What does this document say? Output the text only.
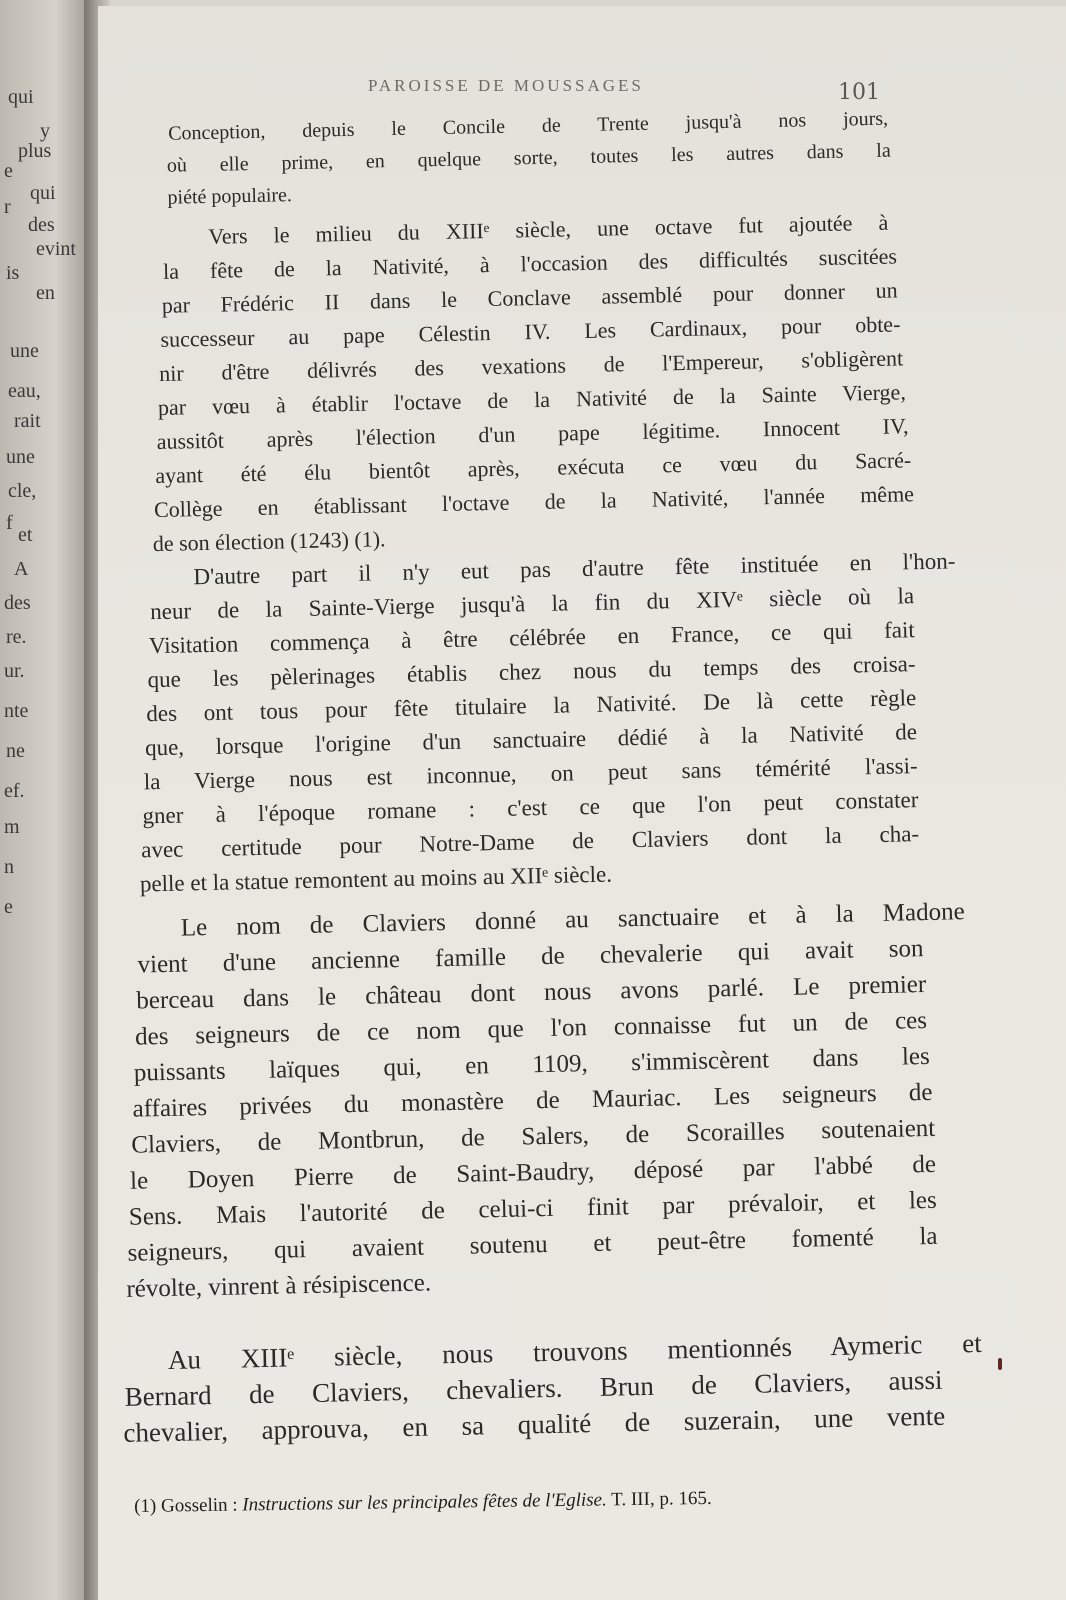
qui
y
plus
e
qui
r
des
evint
is
en
une
eau,
rait
une
cle,
f
et
A
des
re.
ur.
nte
ne
ef.
m
n
e
PAROISSE DE MOUSSAGES	101
Conception, depuis le Concile de Trente jusqu'à nos jours,
où elle prime, en quelque sorte, toutes les autres dans la
piété populaire.
Vers le milieu du XIIIᵉ siècle, une octave fut ajoutée à
la fête de la Nativité, à l'occasion des difficultés suscitées
par Frédéric II dans le Conclave assemblé pour donner un
successeur au pape Célestin IV. Les Cardinaux, pour obte-
nir d'être délivrés des vexations de l'Empereur, s'obligèrent
par vœu à établir l'octave de la Nativité de la Sainte Vierge,
aussitôt après l'élection d'un pape légitime. Innocent IV,
ayant été élu bientôt après, exécuta ce vœu du Sacré-
Collège en établissant l'octave de la Nativité, l'année même
de son élection (1243) (1).
D'autre part il n'y eut pas d'autre fête instituée en l'hon-
neur de la Sainte-Vierge jusqu'à la fin du XIVᵉ siècle où la
Visitation commença à être célébrée en France, ce qui fait
que les pèlerinages établis chez nous du temps des croisa-
des ont tous pour fête titulaire la Nativité. De là cette règle
que, lorsque l'origine d'un sanctuaire dédié à la Nativité de
la Vierge nous est inconnue, on peut sans témérité l'assi-
gner à l'époque romane : c'est ce que l'on peut constater
avec certitude pour Notre-Dame de Claviers dont la cha-
pelle et la statue remontent au moins au XIIᵉ siècle.
Le nom de Claviers donné au sanctuaire et à la Madone
vient d'une ancienne famille de chevalerie qui avait son
berceau dans le château dont nous avons parlé. Le premier
des seigneurs de ce nom que l'on connaisse fut un de ces
puissants laïques qui, en 1109, s'immiscèrent dans les
affaires privées du monastère de Mauriac. Les seigneurs de
Claviers, de Montbrun, de Salers, de Scorailles soutenaient
le Doyen Pierre de Saint-Baudry, déposé par l'abbé de
Sens. Mais l'autorité de celui-ci finit par prévaloir, et les
seigneurs, qui avaient soutenu et peut-être fomenté la
révolte, vinrent à résipiscence.
Au XIIIᵉ siècle, nous trouvons mentionnés Aymeric et
Bernard de Claviers, chevaliers. Brun de Claviers, aussi
chevalier, approuva, en sa qualité de suzerain, une vente
(1) Gosselin : Instructions sur les principales fêtes de l'Eglise. T. III, p. 165.
